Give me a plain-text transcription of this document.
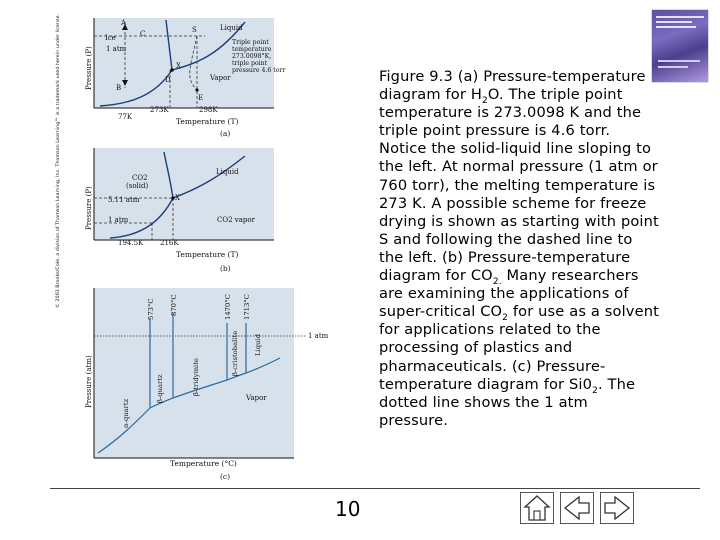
© 2003 Brooks/Cole, a division of Thomson Learning, Inc. Thomson Learning™ is a trademark used herein under license.
A
B
C
X
S
D
E
Ice
Liquid
Vapor
1 atm
Triple point
temperature
273.0098°K,
triple point
pressure 4.6 torr
273K	298K
77K	Temperature (T)
(a)
Pressure (P)
CO2
(solid)
Liquid
CO2 vapor
X
5.11 atm
1 atm
194.5K 216K
Temperature (T)
(b)
Pressure (P)
573°C 870°C	1470°C 1713°C
α-quartz
β-quartz	β-tridymite
β-cristobalite Liquid
Vapor
1 atm
Temperature (°C)
(c)
Pressure (atm)
Figure 9.3 (a) Pressure-temperature diagram for $H_2O$. The triple point temperature is 273.0098 K and the triple point pressure is 4.6 torr. Notice the solid-liquid line sloping to the left. At normal pressure (1 atm or 760 torr), the melting temperature is 273 K. A possible scheme for freeze drying is shown as starting with point S and following the dashed line to the left. (b) Pressure-temperature diagram for $CO_{2.}$ Many researchers are examining the applications of super-critical $CO_2$ for use as a solvent for applications related to the processing of plastics and pharmaceuticals. (c) Pressure-temperature diagram for $Si0_2$. The dotted line shows the 1 atm pressure.
10
